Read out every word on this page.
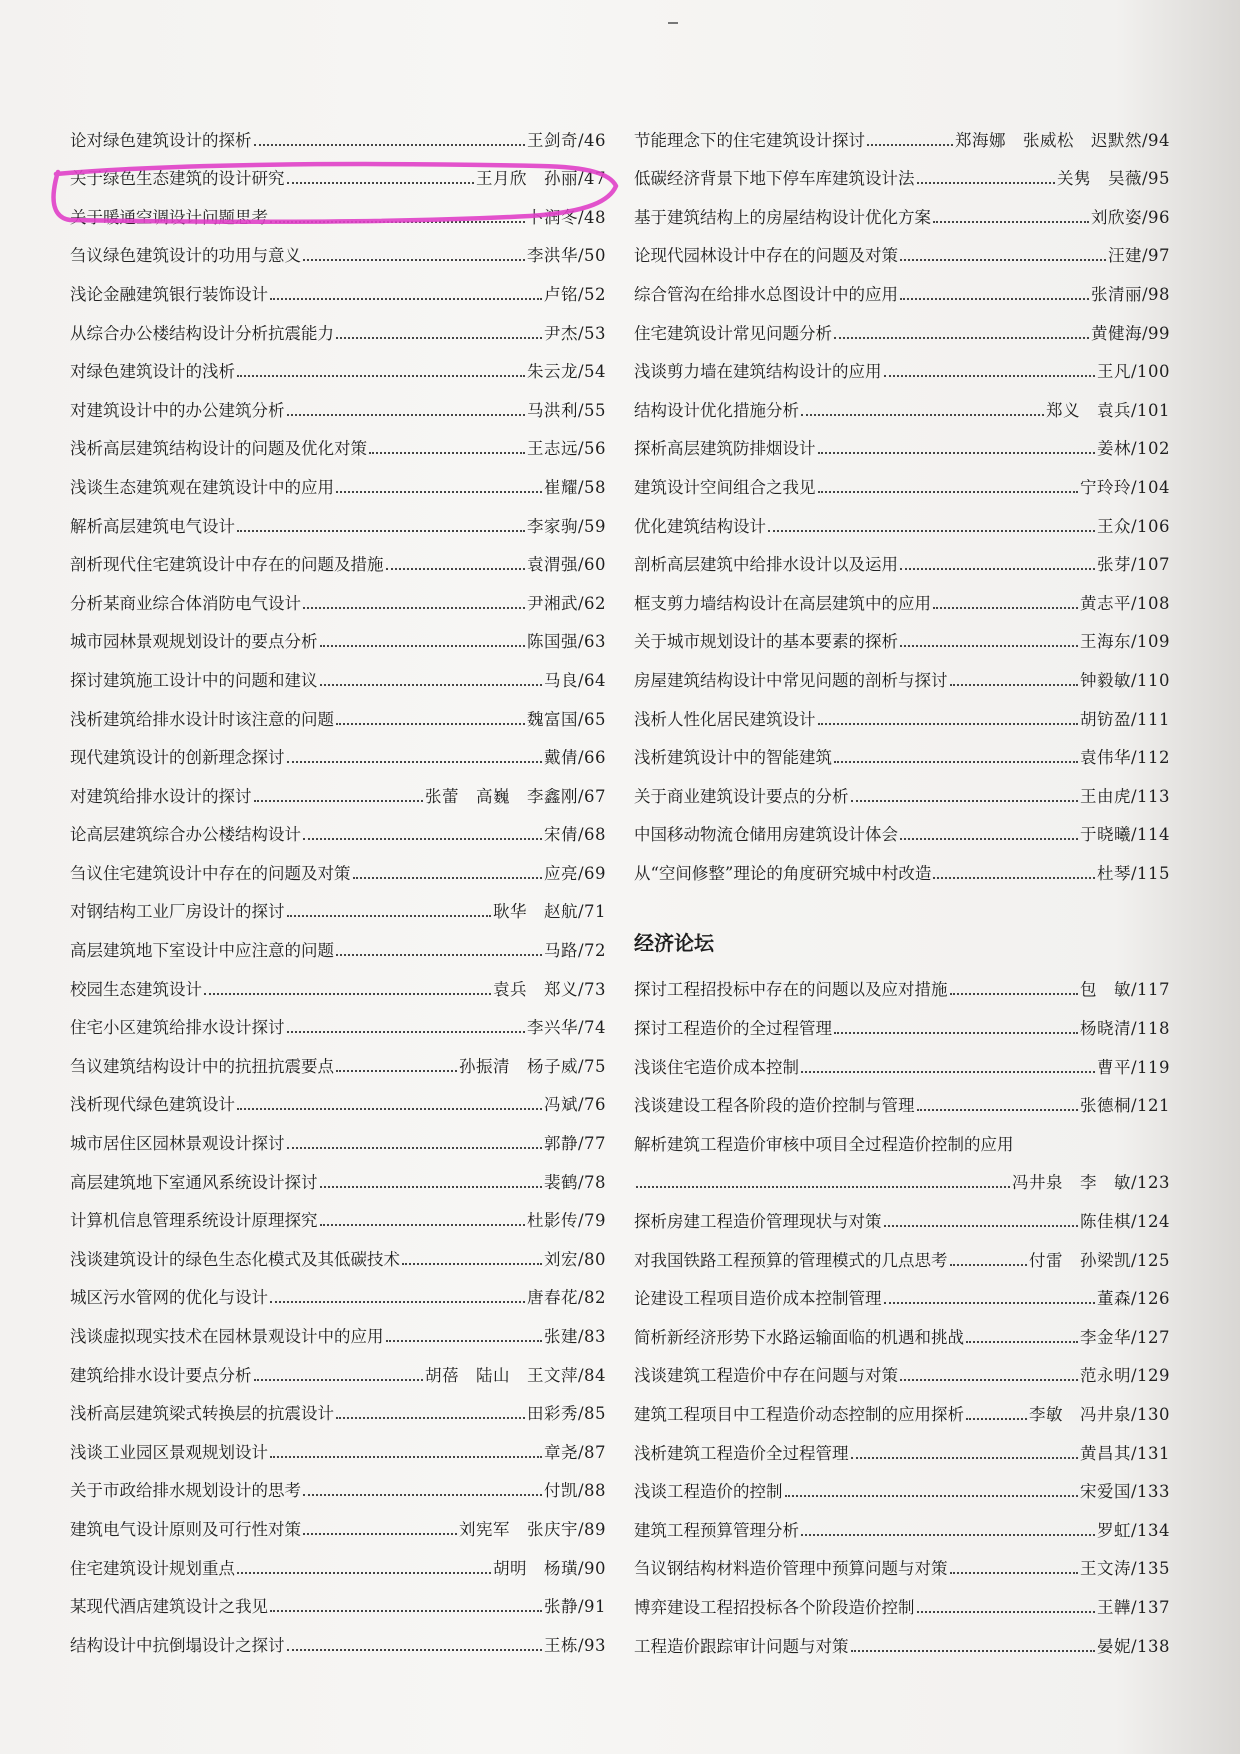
论对绿色建筑设计的探析	王剑奇/46
关于绿色生态建筑的设计研究	王月欣　孙丽/47
关于暖通空调设计问题思考	卜润冬/48
刍议绿色建筑设计的功用与意义	李洪华/50
浅论金融建筑银行装饰设计	卢铭/52
从综合办公楼结构设计分析抗震能力	尹杰/53
对绿色建筑设计的浅析	朱云龙/54
对建筑设计中的办公建筑分析	马洪利/55
浅析高层建筑结构设计的问题及优化对策	王志远/56
浅谈生态建筑观在建筑设计中的应用	崔耀/58
解析高层建筑电气设计	李家驹/59
剖析现代住宅建筑设计中存在的问题及措施	袁渭强/60
分析某商业综合体消防电气设计	尹湘武/62
城市园林景观规划设计的要点分析	陈国强/63
探讨建筑施工设计中的问题和建议	马良/64
浅析建筑给排水设计时该注意的问题	魏富国/65
现代建筑设计的创新理念探讨	戴倩/66
对建筑给排水设计的探讨	张蕾　高巍　李鑫刚/67
论高层建筑综合办公楼结构设计	宋倩/68
刍议住宅建筑设计中存在的问题及对策	应亮/69
对钢结构工业厂房设计的探讨	耿华　赵航/71
高层建筑地下室设计中应注意的问题	马路/72
校园生态建筑设计	袁兵　郑义/73
住宅小区建筑给排水设计探讨	李兴华/74
刍议建筑结构设计中的抗扭抗震要点	孙振清　杨子威/75
浅析现代绿色建筑设计	冯斌/76
城市居住区园林景观设计探讨	郭静/77
高层建筑地下室通风系统设计探讨	裴鹤/78
计算机信息管理系统设计原理探究	杜影传/79
浅谈建筑设计的绿色生态化模式及其低碳技术	刘宏/80
城区污水管网的优化与设计	唐春花/82
浅谈虚拟现实技术在园林景观设计中的应用	张建/83
建筑给排水设计要点分析	胡蓓　陆山　王文萍/84
浅析高层建筑梁式转换层的抗震设计	田彩秀/85
浅谈工业园区景观规划设计	章尧/87
关于市政给排水规划设计的思考	付凯/88
建筑电气设计原则及可行性对策	刘宪军　张庆宇/89
住宅建筑设计规划重点	胡明　杨璜/90
某现代酒店建筑设计之我见	张静/91
结构设计中抗倒塌设计之探讨	王栋/93
节能理念下的住宅建筑设计探讨	郑海娜　张威松　迟默然/94
低碳经济背景下地下停车库建筑设计法	关隽　吴薇/95
基于建筑结构上的房屋结构设计优化方案	刘欣姿/96
论现代园林设计中存在的问题及对策	汪建/97
综合管沟在给排水总图设计中的应用	张清丽/98
住宅建筑设计常见问题分析	黄健海/99
浅谈剪力墙在建筑结构设计的应用	王凡/100
结构设计优化措施分析	郑义　袁兵/101
探析高层建筑防排烟设计	姜林/102
建筑设计空间组合之我见	宁玲玲/104
优化建筑结构设计	王众/106
剖析高层建筑中给排水设计以及运用	张芽/107
框支剪力墙结构设计在高层建筑中的应用	黄志平/108
关于城市规划设计的基本要素的探析	王海东/109
房屋建筑结构设计中常见问题的剖析与探讨	钟毅敏/110
浅析人性化居民建筑设计	胡钫盈/111
浅析建筑设计中的智能建筑	袁伟华/112
关于商业建筑设计要点的分析	王由虎/113
中国移动物流仓储用房建筑设计体会	于晓曦/114
从“空间修整”理论的角度研究城中村改造	杜琴/115
经济论坛
探讨工程招投标中存在的问题以及应对措施	包　敏/117
探讨工程造价的全过程管理	杨晓清/118
浅谈住宅造价成本控制	曹平/119
浅谈建设工程各阶段的造价控制与管理	张德桐/121
解析建筑工程造价审核中项目全过程造价控制的应用
冯井泉　李　敏/123
探析房建工程造价管理现状与对策	陈佳棋/124
对我国铁路工程预算的管理模式的几点思考	付雷　孙梁凯/125
论建设工程项目造价成本控制管理	董森/126
简析新经济形势下水路运输面临的机遇和挑战	李金华/127
浅谈建筑工程造价中存在问题与对策	范永明/129
建筑工程项目中工程造价动态控制的应用探析	李敏　冯井泉/130
浅析建筑工程造价全过程管理	黄昌其/131
浅谈工程造价的控制	宋爱国/133
建筑工程预算管理分析	罗虹/134
刍议钢结构材料造价管理中预算问题与对策	王文涛/135
博弈建设工程招投标各个阶段造价控制	王韡/137
工程造价跟踪审计问题与对策	晏妮/138
